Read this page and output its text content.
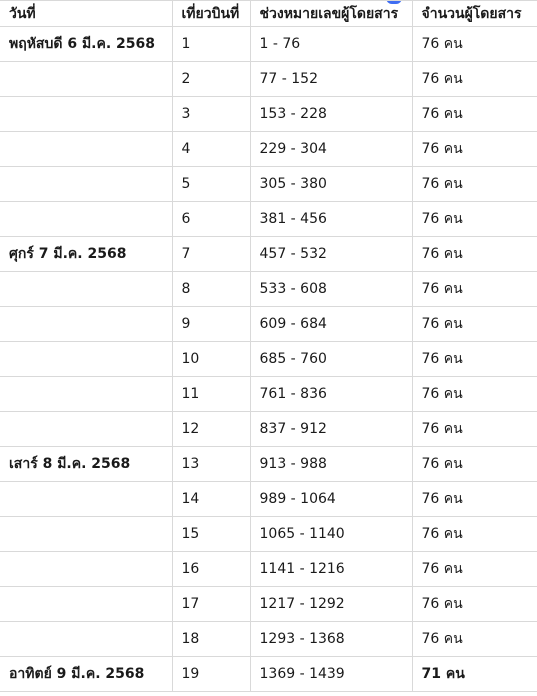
วันที่	เที่ยวบินที่	ช่วงหมายเลขผู้โดยสาร	จำนวนผู้โดยสาร
พฤหัสบดี 6 มี.ค. 2568	1	1 - 76	76 คน
	2	77 - 152	76 คน
	3	153 - 228	76 คน
	4	229 - 304	76 คน
	5	305 - 380	76 คน
	6	381 - 456	76 คน
ศุกร์ 7 มี.ค. 2568	7	457 - 532	76 คน
	8	533 - 608	76 คน
	9	609 - 684	76 คน
	10	685 - 760	76 คน
	11	761 - 836	76 คน
	12	837 - 912	76 คน
เสาร์ 8 มี.ค. 2568	13	913 - 988	76 คน
	14	989 - 1064	76 คน
	15	1065 - 1140	76 คน
	16	1141 - 1216	76 คน
	17	1217 - 1292	76 คน
	18	1293 - 1368	76 คน
อาทิตย์ 9 มี.ค. 2568	19	1369 - 1439	71 คน
